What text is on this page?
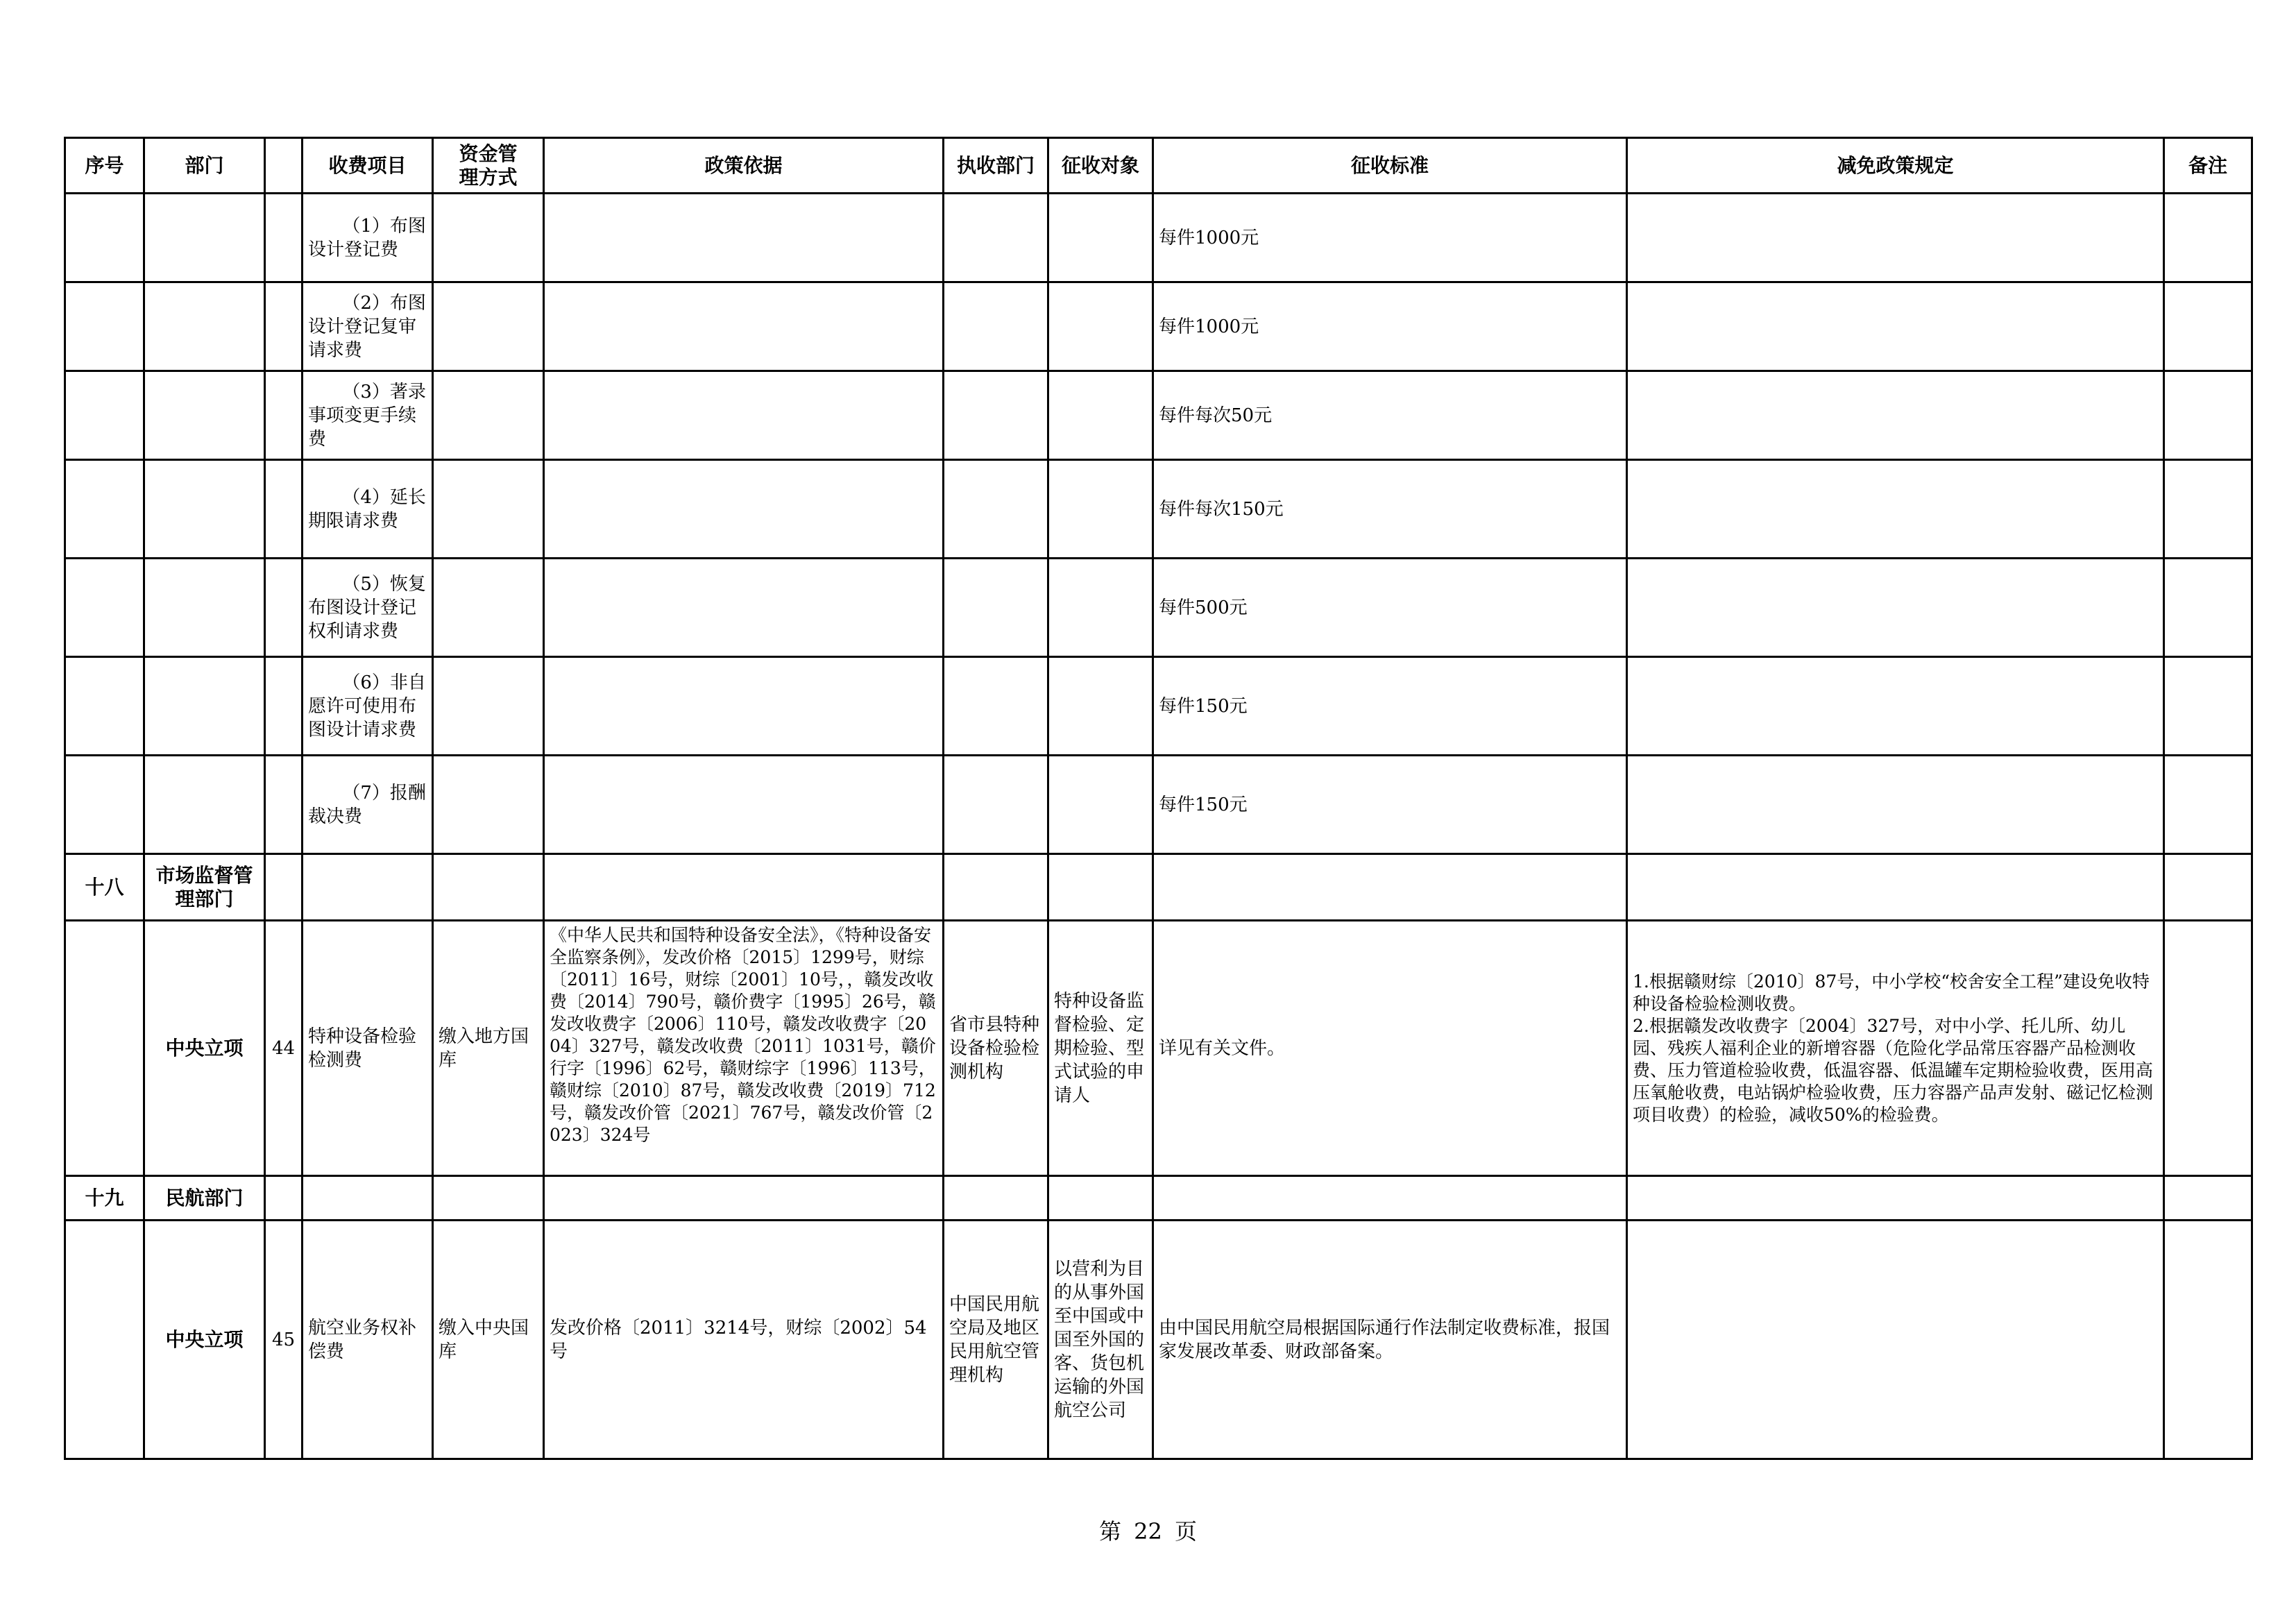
序号	部门		收费项目	资金管理方式	政策依据	执收部门	征收对象	征收标准	减免政策规定	备注
			（1）布图设计登记费					每件1000元		
			（2）布图设计登记复审请求费					每件1000元		
			（3）著录事项变更手续费					每件每次50元		
			（4）延长期限请求费					每件每次150元		
			（5）恢复布图设计登记权利请求费					每件500元		
			（6）非自愿许可使用布图设计请求费					每件150元		
			（7）报酬裁决费					每件150元		
十八	市场监督管理部门									
	中央立项	44	特种设备检验检测费	缴入地方国库	《中华人民共和国特种设备安全法》，《特种设备安全监察条例》，发改价格〔2015〕1299号，财综〔2011〕16号，财综〔2001〕10号，，赣发改收费〔2014〕790号，赣价费字〔1995〕26号，赣发改收费字〔2006〕110号，赣发改收费字〔2004〕327号，赣发改收费〔2011〕1031号，赣价行字〔1996〕62号，赣财综字〔1996〕113号，赣财综〔2010〕87号，赣发改收费〔2019〕712号，赣发改价管〔2021〕767号，赣发改价管〔2023〕324号	省市县特种设备检验检测机构	特种设备监督检验、定期检验、型式试验的申请人	详见有关文件。	1.根据赣财综〔2010〕87号，中小学校“校舍安全工程”建设免收特种设备检验检测收费。
2.根据赣发改收费字〔2004〕327号，对中小学、托儿所、幼儿园、残疾人福利企业的新增容器（危险化学品常压容器产品检测收费、压力管道检验收费，低温容器、低温罐车定期检验收费，医用高压氧舱收费，电站锅炉检验收费，压力容器产品声发射、磁记忆检测项目收费）的检验，减收50%的检验费。	
十九	民航部门									
	中央立项	45	航空业务权补偿费	缴入中央国库	发改价格〔2011〕3214号，财综〔2002〕54号	中国民用航空局及地区民用航空管理机构	以营利为目的从事外国至中国或中国至外国的客、货包机运输的外国航空公司	由中国民用航空局根据国际通行作法制定收费标准，报国家发展改革委、财政部备案。		
第 22 页
